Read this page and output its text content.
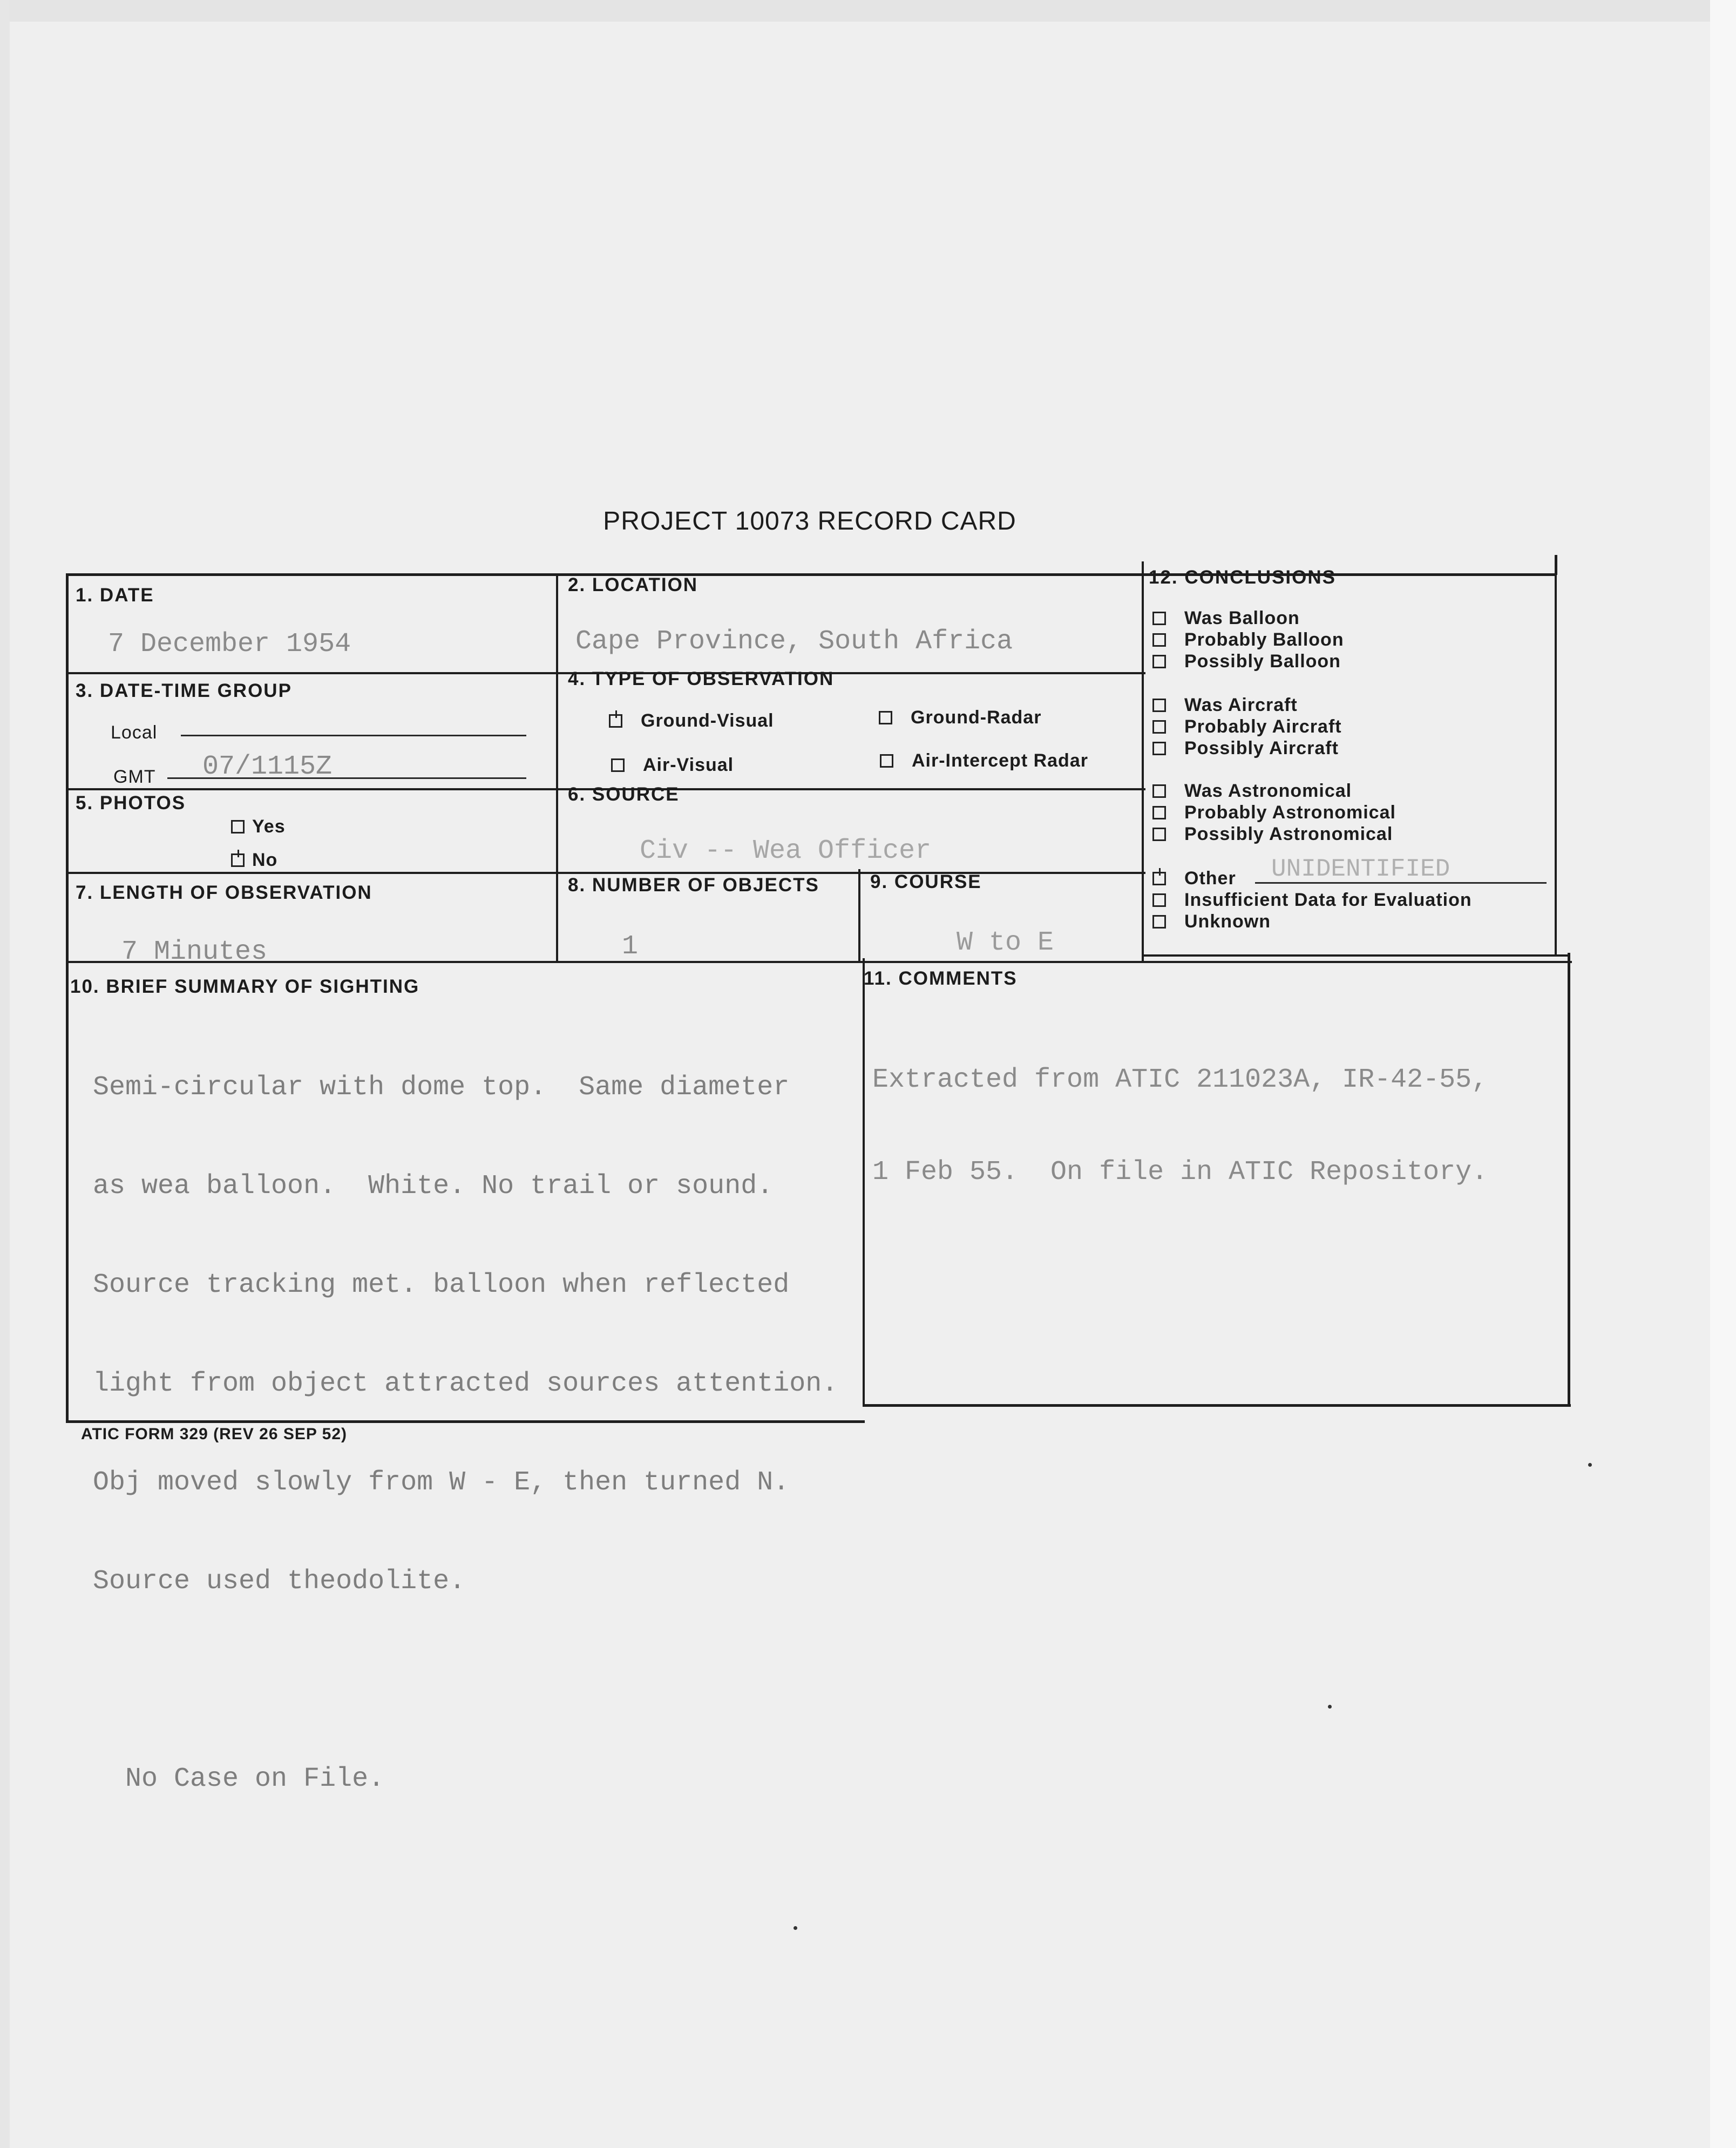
PROJECT 10073 RECORD CARD
1. DATE
7 December 1954
2. LOCATION
Cape Province, South Africa
3. DATE-TIME GROUP
Local
GMT 07/1115Z
4. TYPE OF OBSERVATION
Ground-Visual	Ground-Radar
Air-Visual	Air-Intercept Radar
5. PHOTOS
Yes
No
6. SOURCE
Civ -- Wea Officer
7. LENGTH OF OBSERVATION
7 Minutes
8. NUMBER OF OBJECTS
1
9. COURSE
W to E
10. BRIEF SUMMARY OF SIGHTING

Semi-circular with dome top.  Same diameter

as wea balloon.  White. No trail or sound.

Source tracking met. balloon when reflected

light from object attracted sources attention.

Obj moved slowly from W - E, then turned N.

Source used theodolite.

No Case on File.

11. COMMENTS

Extracted from ATIC 211023A, IR-42-55,

1 Feb 55.  On file in ATIC Repository.

12. CONCLUSIONS
Was Balloon
Probably Balloon
Possibly Balloon
Was Aircraft
Probably Aircraft
Possibly Aircraft
Was Astronomical
Probably Astronomical
Possibly Astronomical
Other UNIDENTIFIED
Insufficient Data for Evaluation
Unknown
ATIC FORM 329 (REV 26 SEP 52)
